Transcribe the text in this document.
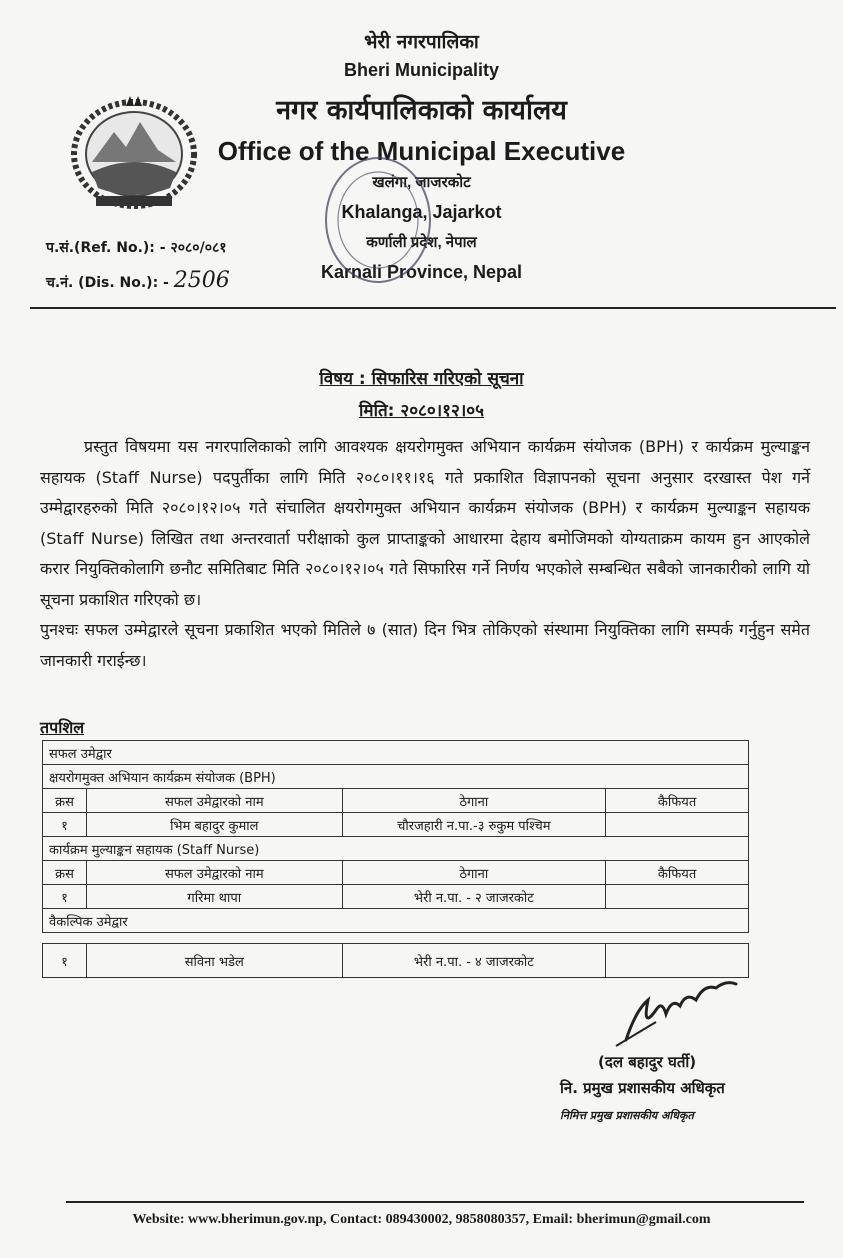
भेरी नगरपालिका
Bheri Municipality
नगर कार्यपालिकाको कार्यालय
Office of the Municipal Executive
खलंगा, जाजरकोट
Khalanga, Jajarkot
कर्णाली प्रदेश, नेपाल
Karnali Province, Nepal
प.सं.(Ref. No.): - २०८०/०८१
च.नं. (Dis. No.): - 2506
विषय : सिफारिस गरिएको सूचना
मिति: २०८०।१२।०५

प्रस्तुत विषयमा यस नगरपालिकाको लागि आवश्यक क्षयरोगमुक्त अभियान कार्यक्रम संयोजक (BPH) र कार्यक्रम मुल्याङ्कन सहायक (Staff Nurse) पदपुर्तीका लागि मिति २०८०।११।१६ गते प्रकाशित विज्ञापनको सूचना अनुसार दरखास्त पेश गर्ने उम्मेद्वारहरुको मिति २०८०।१२।०५ गते संचालित क्षयरोगमुक्त अभियान कार्यक्रम संयोजक (BPH) र कार्यक्रम मुल्याङ्कन सहायक (Staff Nurse) लिखित तथा अन्तरवार्ता परीक्षाको कुल प्राप्ताङ्कको आधारमा देहाय बमोजिमको योग्यताक्रम कायम हुन आएकोले करार नियुक्तिकोलागि छनौट समितिबाट मिति २०८०।१२।०५ गते सिफारिस गर्ने निर्णय भएकोले सम्बन्धित सबैको जानकारीको लागि यो सूचना प्रकाशित गरिएको छ।

पुनश्चः सफल उम्मेद्वारले सूचना प्रकाशित भएको मितिले ७ (सात) दिन भित्र तोकिएको संस्थामा नियुक्तिका लागि सम्पर्क गर्नुहुन समेत जानकारी गराईन्छ।

तपशिल
सफल उमेद्वार			
क्षयरोगमुक्त अभियान कार्यक्रम संयोजक (BPH)			
क्रस	सफल उमेद्वारको नाम	ठेगाना	कैफियत
१	भिम बहादुर कुमाल	चौरजहारी न.पा.-३ रुकुम पश्चिम	
कार्यक्रम मुल्याङ्कन सहायक (Staff Nurse)			
क्रस	सफल उमेद्वारको नाम	ठेगाना	कैफियत
१	गरिमा थापा	भेरी न.पा. - २ जाजरकोट	
वैकल्पिक उमेद्वार			

१	सविना भडेल	भेरी न.पा. - ४ जाजरकोट	
(दल बहादुर घर्ती)
नि. प्रमुख प्रशासकीय अधिकृत
निमित्त प्रमुख प्रशासकीय अधिकृत
Website: www.bherimun.gov.np, Contact: 089430002, 9858080357, Email: bherimun@gmail.com
